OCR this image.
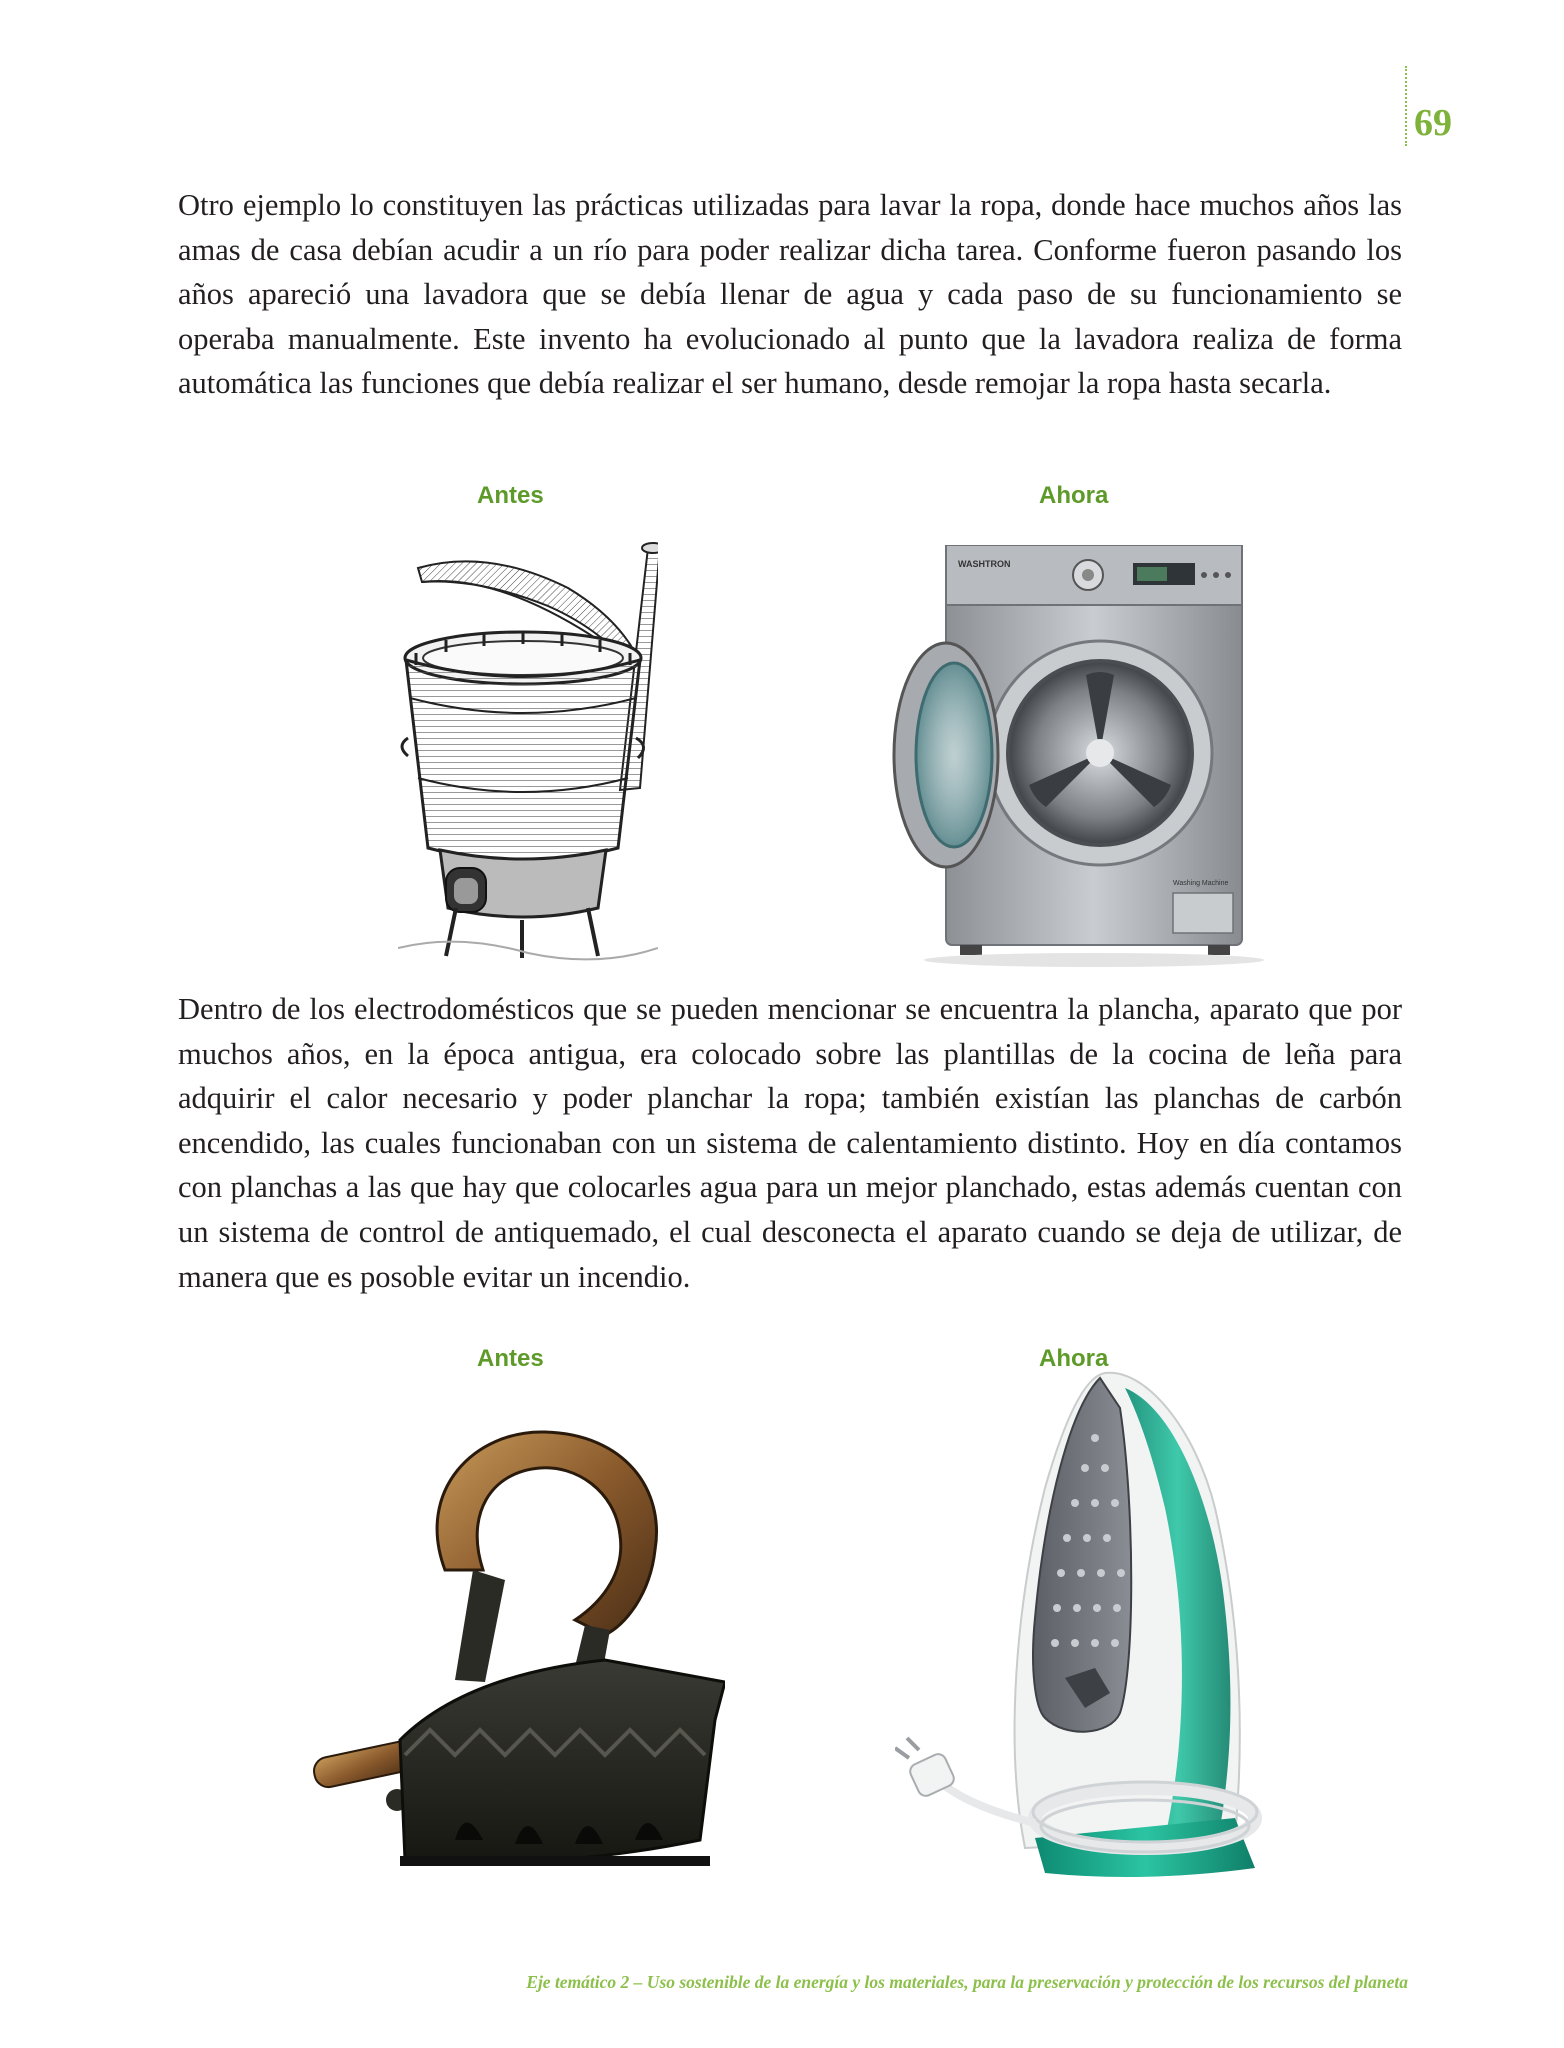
69

Otro ejemplo lo constituyen las prácticas utilizadas para lavar la ropa, donde hace muchos años las amas de casa debían acudir a un río para poder realizar dicha tarea. Conforme fueron pasando los años apareció una lavadora que se debía llenar de agua y cada paso de su funcionamiento se operaba manualmente. Este invento ha evolucionado al punto que la lavadora realiza de forma automática las funciones que debía realizar el ser humano, desde remojar la ropa hasta secarla.

Antes	Ahora
WASHTRON
Washing Machine

Dentro de los electrodomésticos que se pueden mencionar se encuentra la plancha, aparato que por muchos años, en la época antigua, era colocado sobre las plantillas de la cocina de leña para adquirir el calor necesario y poder planchar la ropa; también existían las planchas de carbón encendido, las cuales funcionaban con un sistema de calentamiento distinto. Hoy en día contamos con planchas a las que hay que colocarles agua para un mejor planchado, estas además cuentan con un sistema de control de antiquemado, el cual desconecta el aparato cuando se deja de utilizar, de manera que es posoble evitar un incendio.

Antes	Ahora
Eje temático 2 – Uso sostenible de la energía y los materiales, para la preservación y protección de los recursos del planeta
